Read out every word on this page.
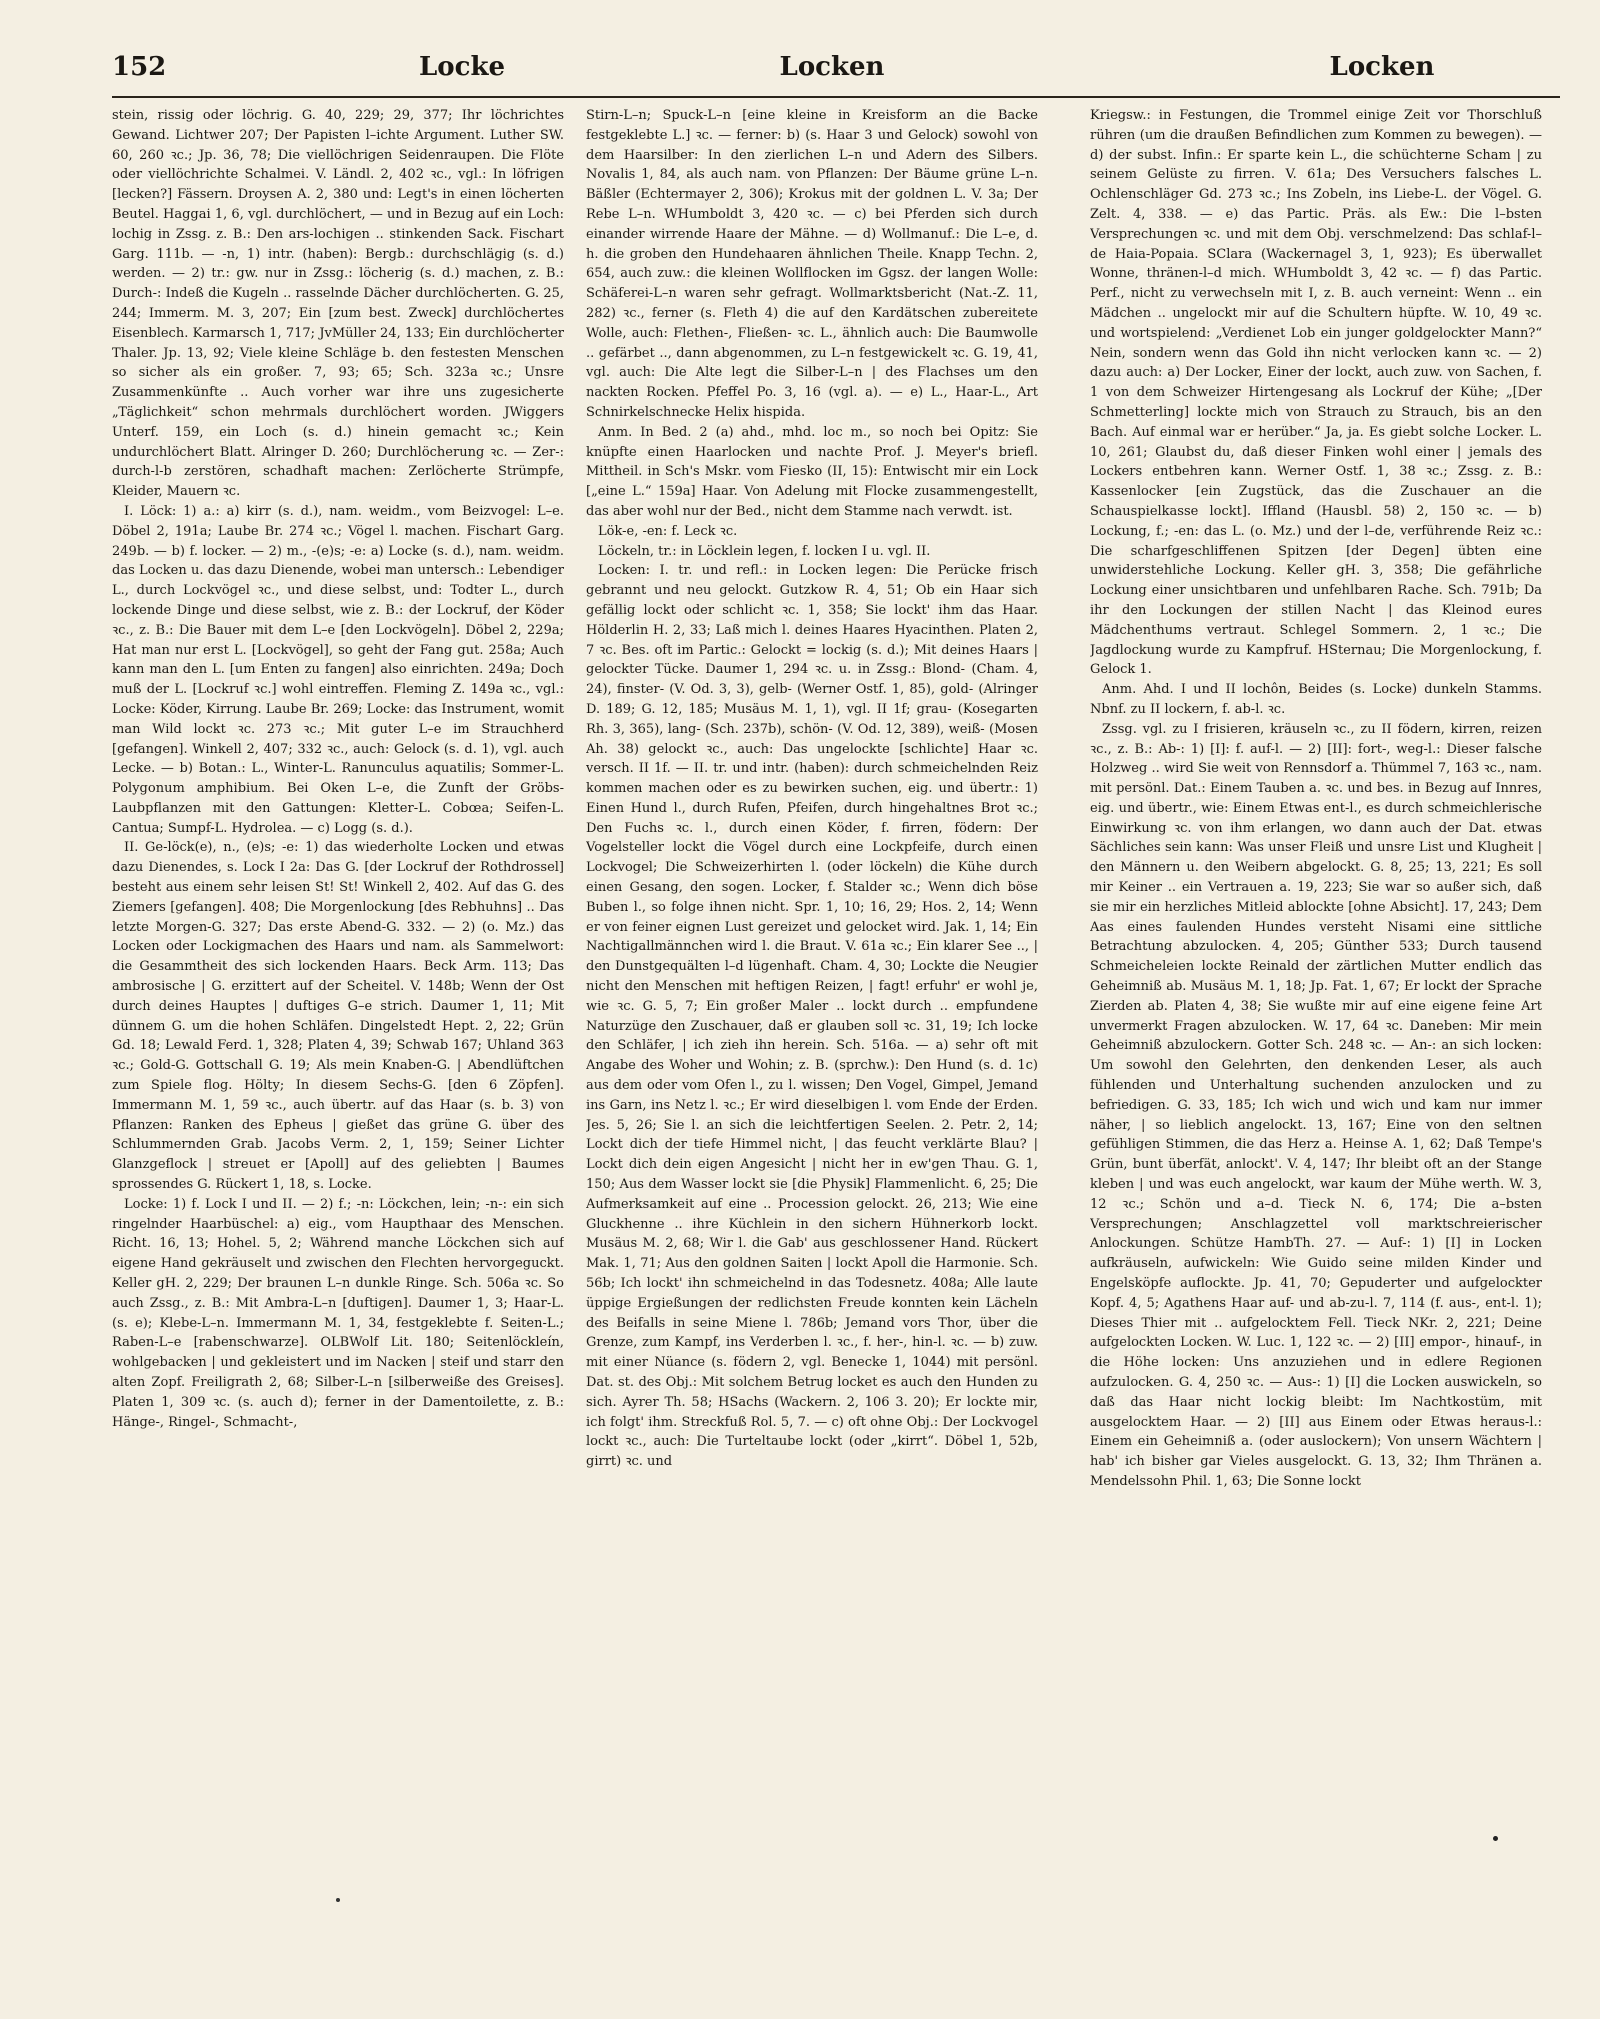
152	Locke	Locken	Locken

stein, rissig oder löchrig. G. 40, 229; 29, 377; Ihr löchrichtes Gewand. Lichtwer 207; Der Papisten l–ichte Argument. Luther SW. 60, 260 ꝛc.; Jp. 36, 78; Die viellöchrigen Seidenraupen. Die Flöte oder viellöchrichte Schalmei. V. Ländl. 2, 402 ꝛc., vgl.: In löfrigen [lecken?] Fässern. Droysen A. 2, 380 und: Legt's in einen löcherten Beutel. Haggai 1, 6, vgl. durchlöchert, — und in Bezug auf ein Loch: lochig in Zssg. z. B.: Den ars-lochigen .. stinkenden Sack. Fischart Garg. 111b. — -n, 1) intr. (haben): Bergb.: durchschlägig (s. d.) werden. — 2) tr.: gw. nur in Zssg.: löcherig (s. d.) machen, z. B.: Durch-: Indeß die Kugeln .. rasselnde Dächer durchlöcherten. G. 25, 244; Immerm. M. 3, 207; Ein [zum best. Zweck] durchlöchertes Eisenblech. Karmarsch 1, 717; JvMüller 24, 133; Ein durchlöcherter Thaler. Jp. 13, 92; Viele kleine Schläge b. den festesten Menschen so sicher als ein großer. 7, 93; 65; Sch. 323a ꝛc.; Unsre Zusammenkünfte .. Auch vorher war ihre uns zugesicherte „Täglichkeit“ schon mehrmals durchlöchert worden. JWiggers Unterf. 159, ein Loch (s. d.) hinein gemacht ꝛc.; Kein undurchlöchert Blatt. Alringer D. 260; Durchlöcherung ꝛc. — Zer-: durch-l-b zerstören, schadhaft machen: Zerlöcherte Strümpfe, Kleider, Mauern ꝛc.

I. Löck: 1) a.: a) kirr (s. d.), nam. weidm., vom Beizvogel: L–e. Döbel 2, 191a; Laube Br. 274 ꝛc.; Vögel l. machen. Fischart Garg. 249b. — b) f. locker. — 2) m., -(e)s; -e: a) Locke (s. d.), nam. weidm. das Locken u. das dazu Dienende, wobei man untersch.: Lebendiger L., durch Lockvögel ꝛc., und diese selbst, und: Todter L., durch lockende Dinge und diese selbst, wie z. B.: der Lockruf, der Köder ꝛc., z. B.: Die Bauer mit dem L–e [den Lockvögeln]. Döbel 2, 229a; Hat man nur erst L. [Lockvögel], so geht der Fang gut. 258a; Auch kann man den L. [um Enten zu fangen] also einrichten. 249a; Doch muß der L. [Lockruf ꝛc.] wohl eintreffen. Fleming Z. 149a ꝛc., vgl.: Locke: Köder, Kirrung. Laube Br. 269; Locke: das Instrument, womit man Wild lockt ꝛc. 273 ꝛc.; Mit guter L–e im Strauchherd [gefangen]. Winkell 2, 407; 332 ꝛc., auch: Gelock (s. d. 1), vgl. auch Lecke. — b) Botan.: L., Winter-L. Ranunculus aquatilis; Sommer-L. Polygonum amphibium. Bei Oken L–e, die Zunft der Gröbs-Laubpflanzen mit den Gattungen: Kletter-L. Cobœa; Seifen-L. Cantua; Sumpf-L. Hydrolea. — c) Logg (s. d.).

II. Ge-löck(e), n., (e)s; -e: 1) das wiederholte Locken und etwas dazu Dienendes, s. Lock I 2a: Das G. [der Lockruf der Rothdrossel] besteht aus einem sehr leisen St! St! Winkell 2, 402. Auf das G. des Ziemers [gefangen]. 408; Die Morgenlockung [des Rebhuhns] .. Das letzte Morgen-G. 327; Das erste Abend-G. 332. — 2) (o. Mz.) das Locken oder Lockigmachen des Haars und nam. als Sammelwort: die Gesammtheit des sich lockenden Haars. Beck Arm. 113; Das ambrosische | G. erzittert auf der Scheitel. V. 148b; Wenn der Ost durch deines Hauptes | duftiges G–e strich. Daumer 1, 11; Mit dünnem G. um die hohen Schläfen. Dingelstedt Hept. 2, 22; Grün Gd. 18; Lewald Ferd. 1, 328; Platen 4, 39; Schwab 167; Uhland 363 ꝛc.; Gold-G. Gottschall G. 19; Als mein Knaben-G. | Abendlüftchen zum Spiele flog. Hölty; In diesem Sechs-G. [den 6 Zöpfen]. Immermann M. 1, 59 ꝛc., auch übertr. auf das Haar (s. b. 3) von Pflanzen: Ranken des Epheus | gießet das grüne G. über des Schlummernden Grab. Jacobs Verm. 2, 1, 159; Seiner Lichter Glanzgeflock | streuet er [Apoll] auf des geliebten | Baumes sprossendes G. Rückert 1, 18, s. Locke.

Locke: 1) f. Lock I und II. — 2) f.; -n: Löckchen, lein; -n-: ein sich ringelnder Haarbüschel: a) eig., vom Haupthaar des Menschen. Richt. 16, 13; Hohel. 5, 2; Während manche Löckchen sich auf eigene Hand gekräuselt und zwischen den Flechten hervorgeguckt. Keller gH. 2, 229; Der braunen L–n dunkle Ringe. Sch. 506a ꝛc. So auch Zssg., z. B.: Mit Ambra-L–n [duftigen]. Daumer 1, 3; Haar-L. (s. e); Klebe-L–n. Immermann M. 1, 34, festgeklebte f. Seiten-L.; Raben-L–e [rabenschwarze]. OLBWolf Lit. 180; Seitenlöckleín, wohlgebacken | und gekleistert und im Nacken | steif und starr den alten Zopf. Freiligrath 2, 68; Silber-L–n [silberweiße des Greises]. Platen 1, 309 ꝛc. (s. auch d); ferner in der Damentoilette, z. B.: Hänge-, Ringel-, Schmacht-,

Stirn-L–n; Spuck-L–n [eine kleine in Kreisform an die Backe festgeklebte L.] ꝛc. — ferner: b) (s. Haar 3 und Gelock) sowohl von dem Haarsilber: In den zierlichen L–n und Adern des Silbers. Novalis 1, 84, als auch nam. von Pflanzen: Der Bäume grüne L–n. Bäßler (Echtermayer 2, 306); Krokus mit der goldnen L. V. 3a; Der Rebe L–n. WHumboldt 3, 420 ꝛc. — c) bei Pferden sich durch einander wirrende Haare der Mähne. — d) Wollmanuf.: Die L–e, d. h. die groben den Hundehaaren ähnlichen Theile. Knapp Techn. 2, 654, auch zuw.: die kleinen Wollflocken im Ggsz. der langen Wolle: Schäferei-L–n waren sehr gefragt. Wollmarktsbericht (Nat.-Z. 11, 282) ꝛc., ferner (s. Fleth 4) die auf den Kardätschen zubereitete Wolle, auch: Flethen-, Fließen- ꝛc. L., ähnlich auch: Die Baumwolle .. gefärbet .., dann abgenommen, zu L–n festgewickelt ꝛc. G. 19, 41, vgl. auch: Die Alte legt die Silber-L–n | des Flachses um den nackten Rocken. Pfeffel Po. 3, 16 (vgl. a). — e) L., Haar-L., Art Schnirkelschnecke Helix hispida.

Anm. In Bed. 2 (a) ahd., mhd. loc m., so noch bei Opitz: Sie knüpfte einen Haarlocken und nachte Prof. J. Meyer's briefl. Mittheil. in Sch's Mskr. vom Fiesko (II, 15): Entwischt mir ein Lock [„eine L.“ 159a] Haar. Von Adelung mit Flocke zusammengestellt, das aber wohl nur der Bed., nicht dem Stamme nach verwdt. ist.

Lök-e, -en: f. Leck ꝛc.

Löckeln, tr.: in Löcklein legen, f. locken I u. vgl. II.

Locken: I. tr. und refl.: in Locken legen: Die Perücke frisch gebrannt und neu gelockt. Gutzkow R. 4, 51; Ob ein Haar sich gefällig lockt oder schlicht ꝛc. 1, 358; Sie lockt' ihm das Haar. Hölderlin H. 2, 33; Laß mich l. deines Haares Hyacinthen. Platen 2, 7 ꝛc. Bes. oft im Partic.: Gelockt = lockig (s. d.); Mit deines Haars | gelockter Tücke. Daumer 1, 294 ꝛc. u. in Zssg.: Blond- (Cham. 4, 24), finster- (V. Od. 3, 3), gelb- (Werner Ostf. 1, 85), gold- (Alringer D. 189; G. 12, 185; Musäus M. 1, 1), vgl. II 1f; grau- (Kosegarten Rh. 3, 365), lang- (Sch. 237b), schön- (V. Od. 12, 389), weiß- (Mosen Ah. 38) gelockt ꝛc., auch: Das ungelockte [schlichte] Haar ꝛc. versch. II 1f. — II. tr. und intr. (haben): durch schmeichelnden Reiz kommen machen oder es zu bewirken suchen, eig. und übertr.: 1) Einen Hund l., durch Rufen, Pfeifen, durch hingehaltnes Brot ꝛc.; Den Fuchs ꝛc. l., durch einen Köder, f. firren, födern: Der Vogelsteller lockt die Vögel durch eine Lockpfeife, durch einen Lockvogel; Die Schweizerhirten l. (oder löckeln) die Kühe durch einen Gesang, den sogen. Locker, f. Stalder ꝛc.; Wenn dich böse Buben l., so folge ihnen nicht. Spr. 1, 10; 16, 29; Hos. 2, 14; Wenn er von feiner eignen Lust gereizet und gelocket wird. Jak. 1, 14; Ein Nachtigallmännchen wird l. die Braut. V. 61a ꝛc.; Ein klarer See .., | den Dunstgequälten l–d lügenhaft. Cham. 4, 30; Lockte die Neugier nicht den Menschen mit heftigen Reizen, | fagt! erfuhr' er wohl je, wie ꝛc. G. 5, 7; Ein großer Maler .. lockt durch .. empfundene Naturzüge den Zuschauer, daß er glauben soll ꝛc. 31, 19; Ich locke den Schläfer, | ich zieh ihn herein. Sch. 516a. — a) sehr oft mit Angabe des Woher und Wohin; z. B. (sprchw.): Den Hund (s. d. 1c) aus dem oder vom Ofen l., zu l. wissen; Den Vogel, Gimpel, Jemand ins Garn, ins Netz l. ꝛc.; Er wird dieselbigen l. vom Ende der Erden. Jes. 5, 26; Sie l. an sich die leichtfertigen Seelen. 2. Petr. 2, 14; Lockt dich der tiefe Himmel nicht, | das feucht verklärte Blau? | Lockt dich dein eigen Angesicht | nicht her in ew'gen Thau. G. 1, 150; Aus dem Wasser lockt sie [die Physik] Flammenlicht. 6, 25; Die Aufmerksamkeit auf eine .. Procession gelockt. 26, 213; Wie eine Gluckhenne .. ihre Küchlein in den sichern Hühnerkorb lockt. Musäus M. 2, 68; Wir l. die Gab' aus geschlossener Hand. Rückert Mak. 1, 71; Aus den goldnen Saiten | lockt Apoll die Harmonie. Sch. 56b; Ich lockt' ihn schmeichelnd in das Todesnetz. 408a; Alle laute üppige Ergießungen der redlichsten Freude konnten kein Lächeln des Beifalls in seine Miene l. 786b; Jemand vors Thor, über die Grenze, zum Kampf, ins Verderben l. ꝛc., f. her-, hin-l. ꝛc. — b) zuw. mit einer Nüance (s. födern 2, vgl. Benecke 1, 1044) mit persönl. Dat. st. des Obj.: Mit solchem Betrug locket es auch den Hunden zu sich. Ayrer Th. 58; HSachs (Wackern. 2, 106 3. 20); Er lockte mir, ich folgt' ihm. Streckfuß Rol. 5, 7. — c) oft ohne Obj.: Der Lockvogel lockt ꝛc., auch: Die Turteltaube lockt (oder „kirrt“. Döbel 1, 52b, girrt) ꝛc. und

Kriegsw.: in Festungen, die Trommel einige Zeit vor Thorschluß rühren (um die draußen Befindlichen zum Kommen zu bewegen). — d) der subst. Infin.: Er sparte kein L., die schüchterne Scham | zu seinem Gelüste zu firren. V. 61a; Des Versuchers falsches L. Ochlenschläger Gd. 273 ꝛc.; Ins Zobeln, ins Liebe-L. der Vögel. G. Zelt. 4, 338. — e) das Partic. Präs. als Ew.: Die l–bsten Versprechungen ꝛc. und mit dem Obj. verschmelzend: Das schlaf-l–de Haia-Popaia. SClara (Wackernagel 3, 1, 923); Es überwallet Wonne, thränen-l–d mich. WHumboldt 3, 42 ꝛc. — f) das Partic. Perf., nicht zu verwechseln mit I, z. B. auch verneint: Wenn .. ein Mädchen .. ungelockt mir auf die Schultern hüpfte. W. 10, 49 ꝛc. und wortspielend: „Verdienet Lob ein junger goldgelockter Mann?“ Nein, sondern wenn das Gold ihn nicht verlocken kann ꝛc. — 2) dazu auch: a) Der Locker, Einer der lockt, auch zuw. von Sachen, f. 1 von dem Schweizer Hirtengesang als Lockruf der Kühe; „[Der Schmetterling] lockte mich von Strauch zu Strauch, bis an den Bach. Auf einmal war er herüber.“ Ja, ja. Es giebt solche Locker. L. 10, 261; Glaubst du, daß dieser Finken wohl einer | jemals des Lockers entbehren kann. Werner Ostf. 1, 38 ꝛc.; Zssg. z. B.: Kassenlocker [ein Zugstück, das die Zuschauer an die Schauspielkasse lockt]. Iffland (Hausbl. 58) 2, 150 ꝛc. — b) Lockung, f.; -en: das L. (o. Mz.) und der l–de, verführende Reiz ꝛc.: Die scharfgeschliffenen Spitzen [der Degen] übten eine unwiderstehliche Lockung. Keller gH. 3, 358; Die gefährliche Lockung einer unsichtbaren und unfehlbaren Rache. Sch. 791b; Da ihr den Lockungen der stillen Nacht | das Kleinod eures Mädchenthums vertraut. Schlegel Sommern. 2, 1 ꝛc.; Die Jagdlockung wurde zu Kampfruf. HSternau; Die Morgenlockung, f. Gelock 1.

Anm. Ahd. I und II lochôn, Beides (s. Locke) dunkeln Stamms. Nbnf. zu II lockern, f. ab-l. ꝛc.

Zssg. vgl. zu I frisieren, kräuseln ꝛc., zu II födern, kirren, reizen ꝛc., z. B.: Ab-: 1) [I]: f. auf-l. — 2) [II]: fort-, weg-l.: Dieser falsche Holzweg .. wird Sie weit von Rennsdorf a. Thümmel 7, 163 ꝛc., nam. mit persönl. Dat.: Einem Tauben a. ꝛc. und bes. in Bezug auf Innres, eig. und übertr., wie: Einem Etwas ent-l., es durch schmeichlerische Einwirkung ꝛc. von ihm erlangen, wo dann auch der Dat. etwas Sächliches sein kann: Was unser Fleiß und unsre List und Klugheit | den Männern u. den Weibern abgelockt. G. 8, 25; 13, 221; Es soll mir Keiner .. ein Vertrauen a. 19, 223; Sie war so außer sich, daß sie mir ein herzliches Mitleid ablockte [ohne Absicht]. 17, 243; Dem Aas eines faulenden Hundes versteht Nisami eine sittliche Betrachtung abzulocken. 4, 205; Günther 533; Durch tausend Schmeicheleien lockte Reinald der zärtlichen Mutter endlich das Geheimniß ab. Musäus M. 1, 18; Jp. Fat. 1, 67; Er lockt der Sprache Zierden ab. Platen 4, 38; Sie wußte mir auf eine eigene feine Art unvermerkt Fragen abzulocken. W. 17, 64 ꝛc. Daneben: Mir mein Geheimniß abzulockern. Gotter Sch. 248 ꝛc. — An-: an sich locken: Um sowohl den Gelehrten, den denkenden Leser, als auch fühlenden und Unterhaltung suchenden anzulocken und zu befriedigen. G. 33, 185; Ich wich und wich und kam nur immer näher, | so lieblich angelockt. 13, 167; Eine von den seltnen gefühligen Stimmen, die das Herz a. Heinse A. 1, 62; Daß Tempe's Grün, bunt überfät, anlockt'. V. 4, 147; Ihr bleibt oft an der Stange kleben | und was euch angelockt, war kaum der Mühe werth. W. 3, 12 ꝛc.; Schön und a–d. Tieck N. 6, 174; Die a–bsten Versprechungen; Anschlagzettel voll marktschreierischer Anlockungen. Schütze HambTh. 27. — Auf-: 1) [I] in Locken aufkräuseln, aufwickeln: Wie Guido seine milden Kinder und Engelsköpfe auflockte. Jp. 41, 70; Gepuderter und aufgelockter Kopf. 4, 5; Agathens Haar auf- und ab-zu-l. 7, 114 (f. aus-, ent-l. 1); Dieses Thier mit .. aufgelocktem Fell. Tieck NKr. 2, 221; Deine aufgelockten Locken. W. Luc. 1, 122 ꝛc. — 2) [II] empor-, hinauf-, in die Höhe locken: Uns anzuziehen und in edlere Regionen aufzulocken. G. 4, 250 ꝛc. — Aus-: 1) [I] die Locken auswickeln, so daß das Haar nicht lockig bleibt: Im Nachtkostüm, mit ausgelocktem Haar. — 2) [II] aus Einem oder Etwas heraus-l.: Einem ein Geheimniß a. (oder auslockern); Von unsern Wächtern | hab' ich bisher gar Vieles ausgelockt. G. 13, 32; Ihm Thränen a. Mendelssohn Phil. 1, 63; Die Sonne lockt
